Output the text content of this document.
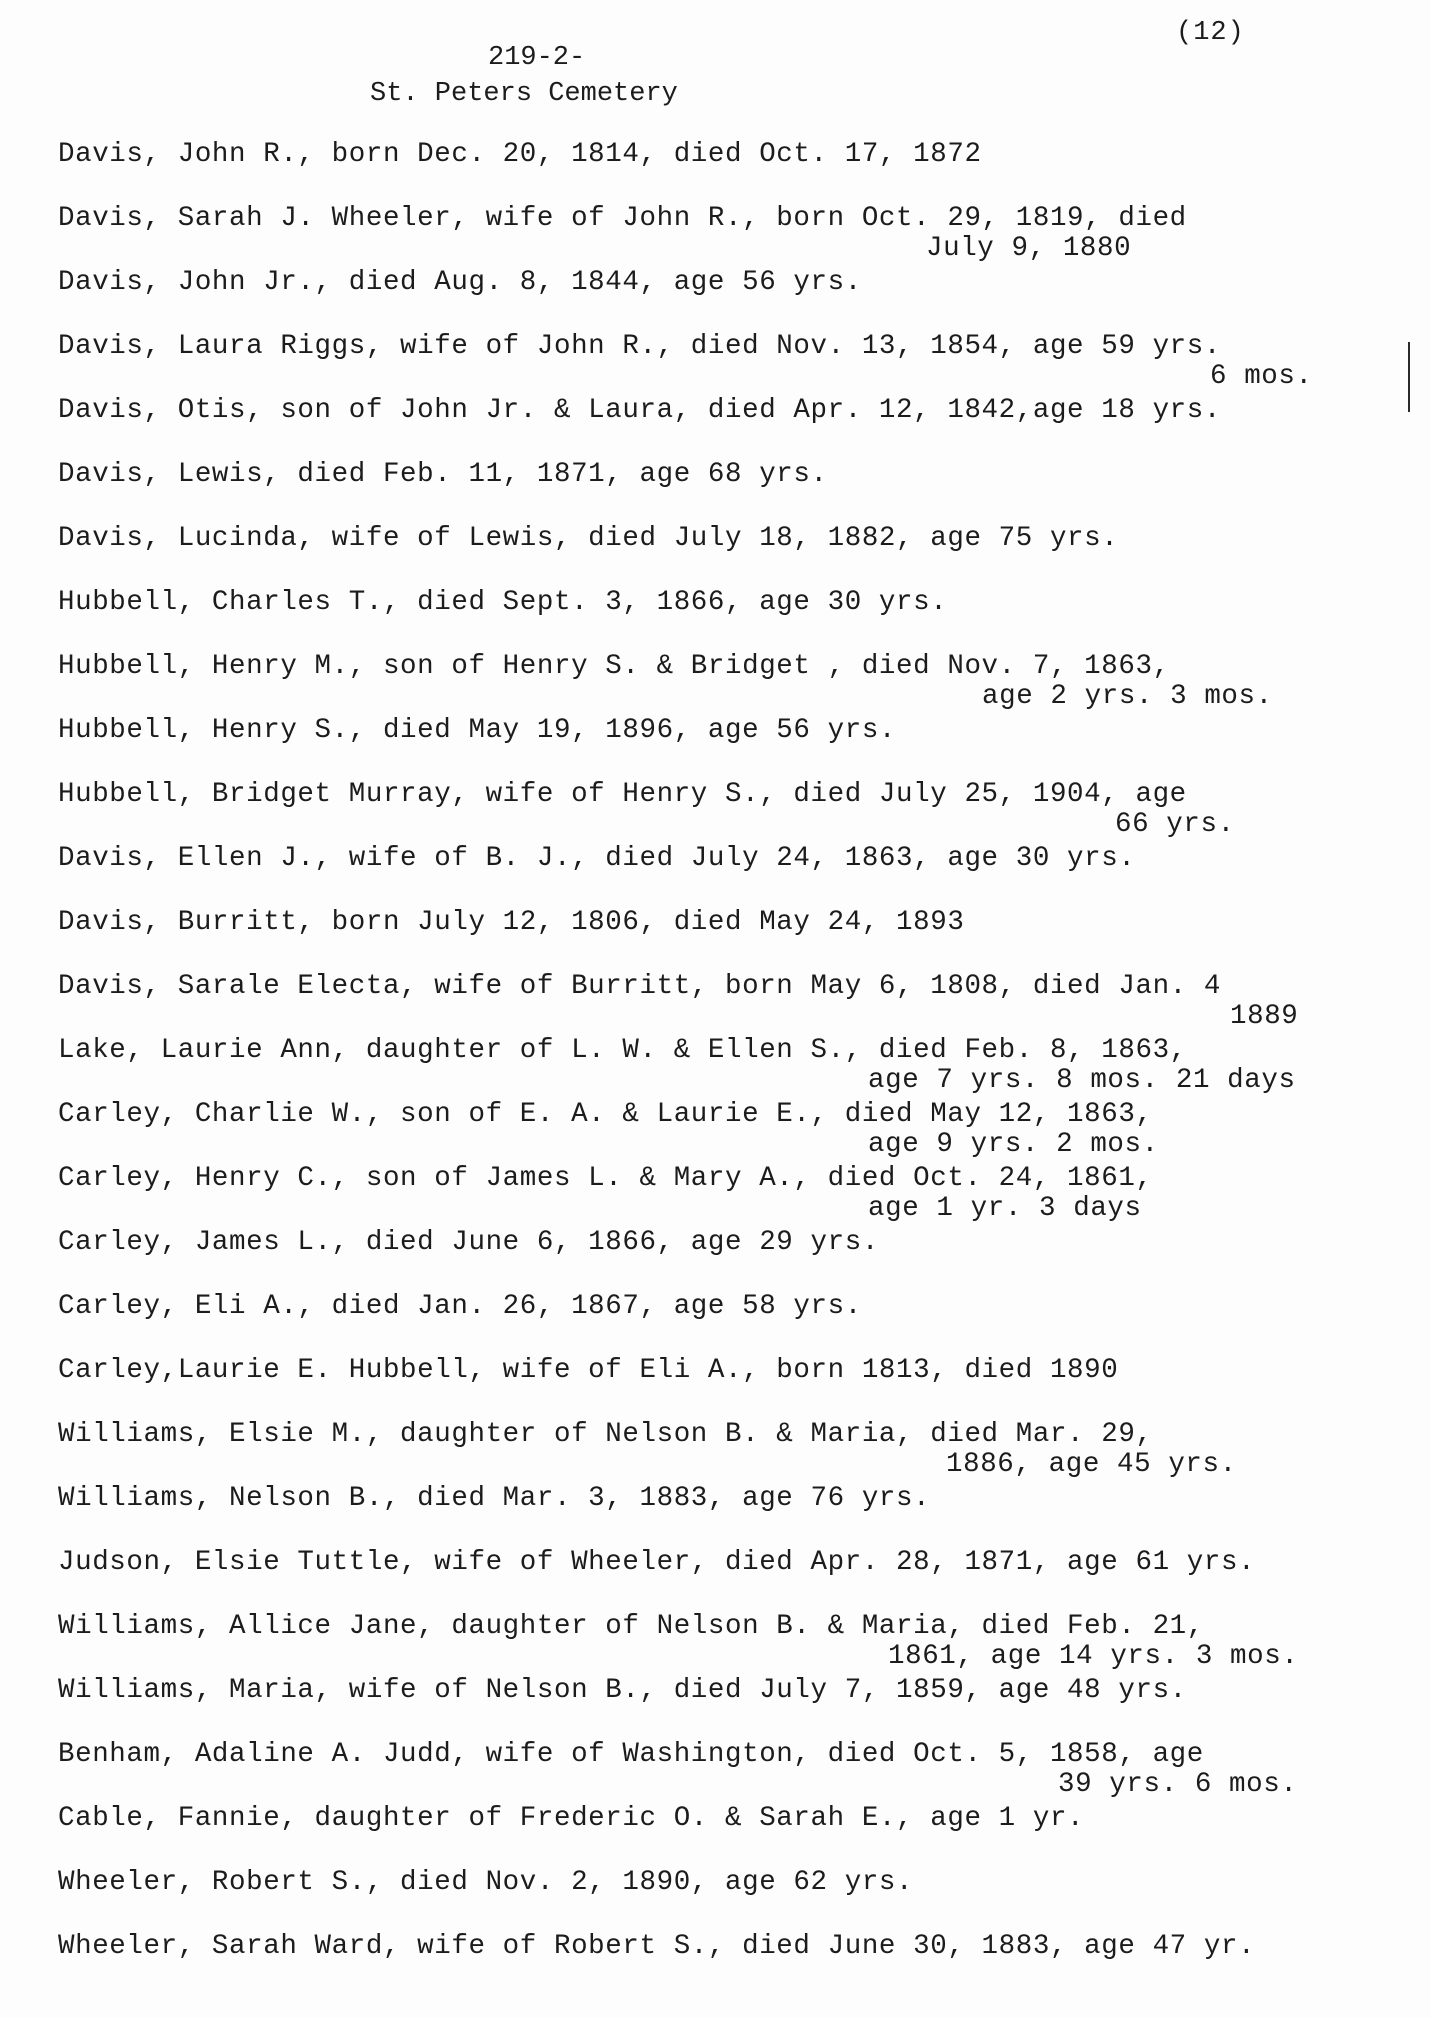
(12)
219-2-
St. Peters Cemetery
Davis, John R., born Dec. 20, 1814, died Oct. 17, 1872
Davis, Sarah J. Wheeler, wife of John R., born Oct. 29, 1819, died
July 9, 1880
Davis, John Jr., died Aug. 8, 1844, age 56 yrs.
Davis, Laura Riggs, wife of John R., died Nov. 13, 1854, age 59 yrs.
6 mos.
Davis, Otis, son of John Jr. & Laura, died Apr. 12, 1842,age 18 yrs.
Davis, Lewis, died Feb. 11, 1871, age 68 yrs.
Davis, Lucinda, wife of Lewis, died July 18, 1882, age 75 yrs.
Hubbell, Charles T., died Sept. 3, 1866, age 30 yrs.
Hubbell, Henry M., son of Henry S. & Bridget , died Nov. 7, 1863,
age 2 yrs. 3 mos.
Hubbell, Henry S., died May 19, 1896, age 56 yrs.
Hubbell, Bridget Murray, wife of Henry S., died July 25, 1904, age
66 yrs.
Davis, Ellen J., wife of B. J., died July 24, 1863, age 30 yrs.
Davis, Burritt, born July 12, 1806, died May 24, 1893
Davis, Sarale Electa, wife of Burritt, born May 6, 1808, died Jan. 4
1889
Lake, Laurie Ann, daughter of L. W. & Ellen S., died Feb. 8, 1863,
age 7 yrs. 8 mos. 21 days
Carley, Charlie W., son of E. A. & Laurie E., died May 12, 1863,
age 9 yrs. 2 mos.
Carley, Henry C., son of James L. & Mary A., died Oct. 24, 1861,
age 1 yr. 3 days
Carley, James L., died June 6, 1866, age 29 yrs.
Carley, Eli A., died Jan. 26, 1867, age 58 yrs.
Carley,Laurie E. Hubbell, wife of Eli A., born 1813, died 1890
Williams, Elsie M., daughter of Nelson B. & Maria, died Mar. 29,
1886, age 45 yrs.
Williams, Nelson B., died Mar. 3, 1883, age 76 yrs.
Judson, Elsie Tuttle, wife of Wheeler, died Apr. 28, 1871, age 61 yrs.
Williams, Allice Jane, daughter of Nelson B. & Maria, died Feb. 21,
1861, age 14 yrs. 3 mos.
Williams, Maria, wife of Nelson B., died July 7, 1859, age 48 yrs.
Benham, Adaline A. Judd, wife of Washington, died Oct. 5, 1858, age
39 yrs. 6 mos.
Cable, Fannie, daughter of Frederic O. & Sarah E., age 1 yr.
Wheeler, Robert S., died Nov. 2, 1890, age 62 yrs.
Wheeler, Sarah Ward, wife of Robert S., died June 30, 1883, age 47 yr.
